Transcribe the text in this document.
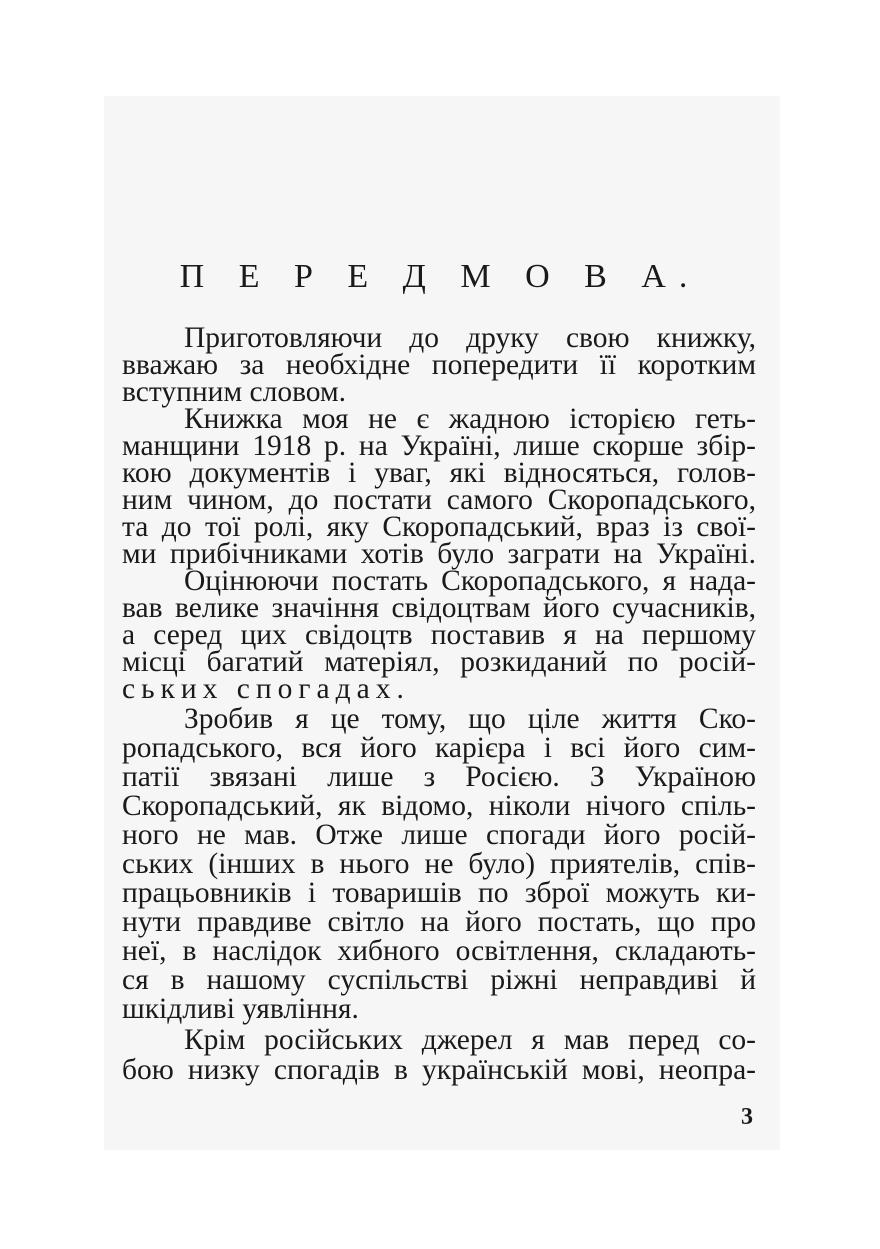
П Е Р Е Д М О В А.
Приготовляючи до друку свою книжку,
вважаю за необхідне попередити її коротким
вступним словом.
Книжка моя не є жадною історією геть-
манщини 1918 р. на Україні, лише скорше збір-
кою документів і уваг, які відносяться, голов-
ним чином, до постати самого Скоропадського,
та до тої ролі, яку Скоропадський, враз із свої-
ми прибічниками хотів було заграти на Україні.
Оцінюючи постать Скоропадського, я нада-
вав велике значіння свідоцтвам його сучасників,
а серед цих свідоцтв поставив я на першому
місці багатий матеріял, розкиданий по росій-
ських спогадах.
Зробив я це тому, що ціле життя Ско-
ропадського, вся його карієра і всі його сим-
патії звязані лише з Росією. З Україною
Скоропадський, як відомо, ніколи нічого спіль-
ного не мав. Отже лише спогади його росій-
ських (інших в нього не було) приятелів, спів-
працьовників і товаришів по зброї можуть ки-
нути правдиве світло на його постать, що про
неї, в наслідок хибного освітлення, складають-
ся в нашому суспільстві ріжні неправдиві й
шкідливі уявління.
Крім російських джерел я мав перед со-
бою низку спогадів в українській мові, неопра-
3
